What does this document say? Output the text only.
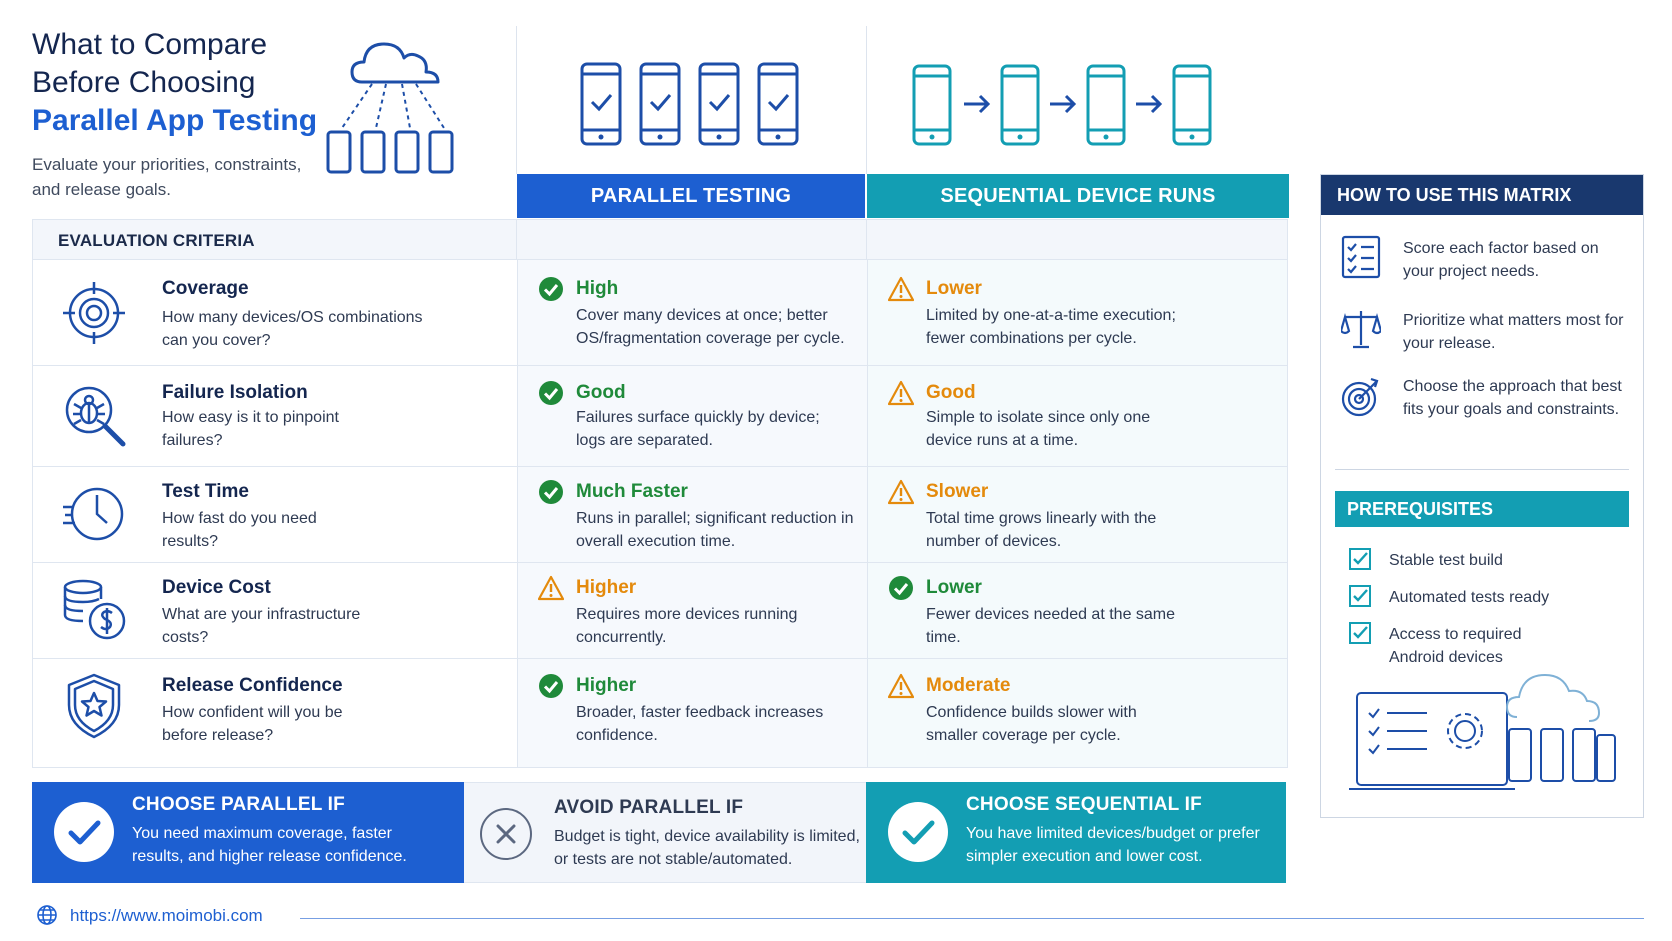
What to Compare
Before Choosing
Parallel App Testing
Evaluate your priorities, constraints, and release goals.	PARALLEL TESTING	SEQUENTIAL DEVICE RUNS
EVALUATION CRITERIA
Coverage
How many devices/OS combinations can you cover?
High
Cover many devices at once; better OS/fragmentation coverage per cycle.
Lower
Limited by one-at-a-time execution; fewer combinations per cycle.
Failure Isolation
How easy is it to pinpoint failures?
Good
Failures surface quickly by device; logs are separated.
Good
Simple to isolate since only one device runs at a time.
Test Time
How fast do you need results?
Much Faster
Runs in parallel; significant reduction in overall execution time.
Slower
Total time grows linearly with the number of devices.
Device Cost
What are your infrastructure costs?
Higher
Requires more devices running concurrently.
Lower
Fewer devices needed at the same time.
Release Confidence
How confident will you be before release?
Higher
Broader, faster feedback increases confidence.
Moderate
Confidence builds slower with smaller coverage per cycle.
CHOOSE PARALLEL IF
You need maximum coverage, faster results, and higher release confidence.
AVOID PARALLEL IF
Budget is tight, device availability is limited, or tests are not stable/automated.
CHOOSE SEQUENTIAL IF
You have limited devices/budget or prefer simpler execution and lower cost.
HOW TO USE THIS MATRIX
Score each factor based on your project needs.
Prioritize what matters most for your release.
Choose the approach that best fits your goals and constraints.
PREREQUISITES
Stable test build
Automated tests ready
Access to required Android devices
https://www.moimobi.com
